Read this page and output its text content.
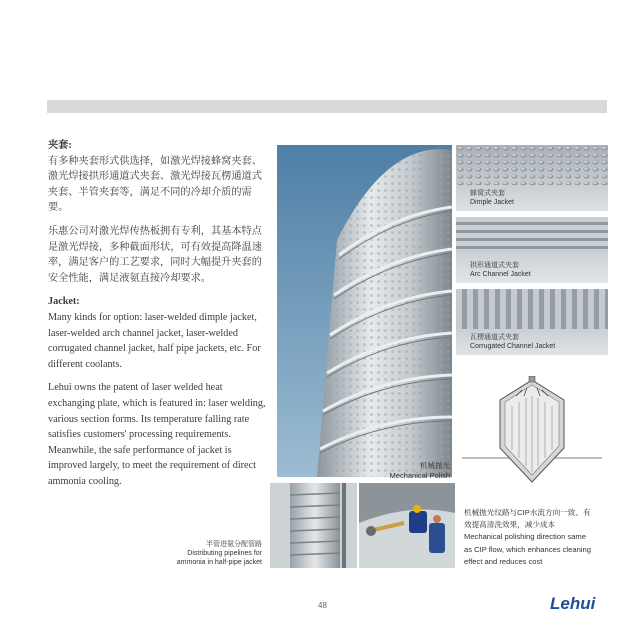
夹套:

有多种夹套形式供选择，如激光焊接蜂窝夹套、激光焊接拱形通道式夹套、激光焊接瓦楞通道式夹套、半管夹套等，满足不同的冷却介质的需要。

乐惠公司对激光焊传热板拥有专利，其基本特点是激光焊接，多种截面形状，可有效提高降温速率，满足客户的工艺要求，同时大幅提升夹套的安全性能，满足液氨直接冷却要求。

Jacket:

Many kinds for option: laser-welded dimple jacket, laser-welded arch channel jacket, laser-welded corrugated channel jacket, half pipe jackets, etc. For different coolants.

Lehui owns the patent of laser welded heat exchanging plate, which is featured in: laser welding, various section forms. Its temperature falling rate satisfies customers' processing requirements. Meanwhile, the safe performance of jacket is improved largely, to meet the requirement of direct ammonia cooling.

蜂窝式夹套
Dimple Jacket
拱形通道式夹套
Arc Channel Jacket
瓦楞通道式夹套
Corrugated Channel Jacket
机械抛光
Mechanical Polish
半管进氨分配管路
Distributing pipelines for
ammonia in half-pipe jacket
机械抛光纹路与CIP水流方向一致、有
效提高清洗效果，减少成本
Mechanical polishing direction same
as CIP flow, which enhances cleaning
effect and reduces cost
48	Lehui
